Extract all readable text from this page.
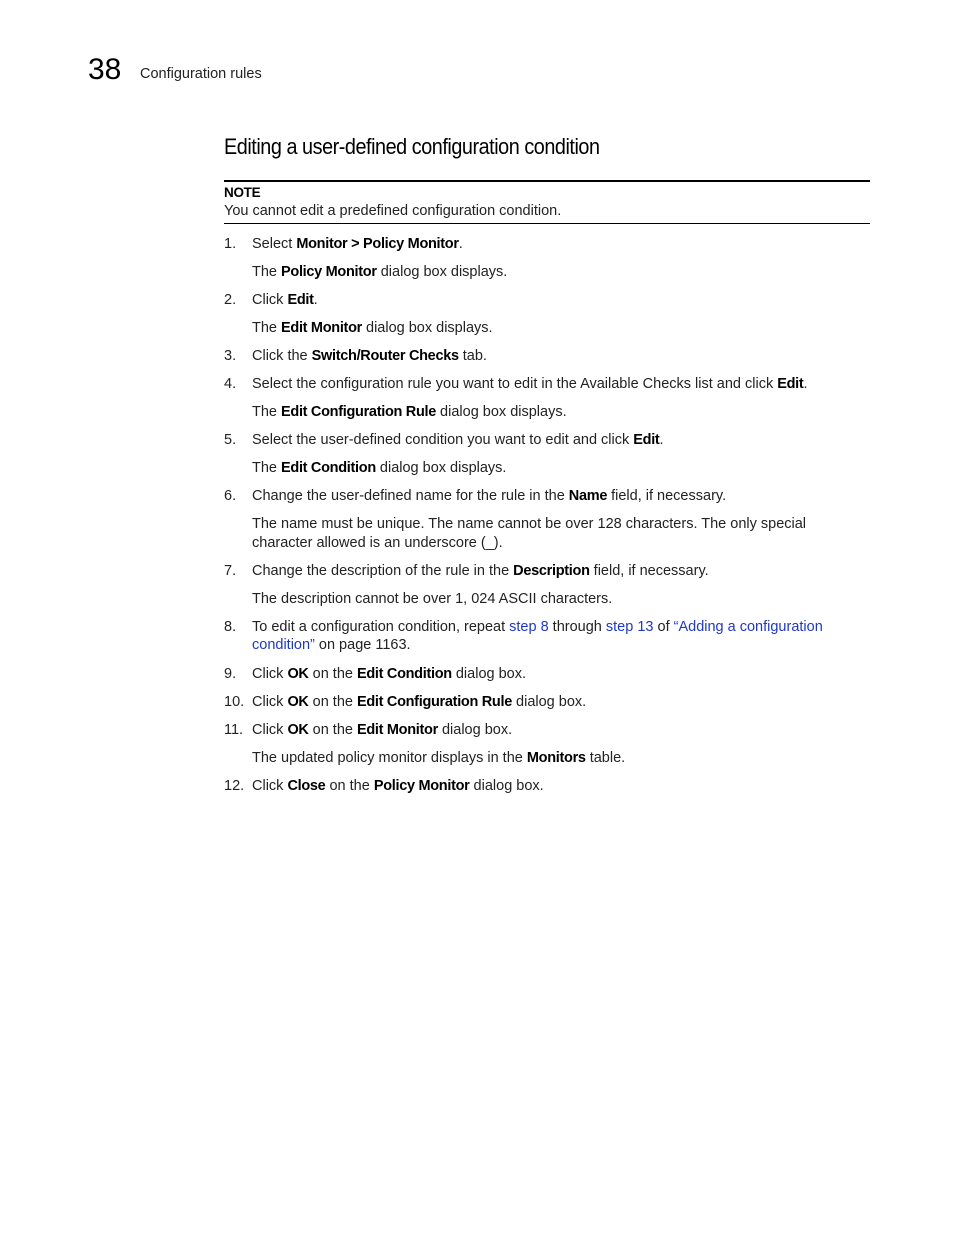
38 Configuration rules
Editing a user-defined configuration condition
NOTE
You cannot edit a predefined configuration condition.
1. Select Monitor > Policy Monitor.
The Policy Monitor dialog box displays.
2. Click Edit.
The Edit Monitor dialog box displays.
3. Click the Switch/Router Checks tab.
4. Select the configuration rule you want to edit in the Available Checks list and click Edit.
The Edit Configuration Rule dialog box displays.
5. Select the user-defined condition you want to edit and click Edit.
The Edit Condition dialog box displays.
6. Change the user-defined name for the rule in the Name field, if necessary.
The name must be unique. The name cannot be over 128 characters. The only special
character allowed is an underscore (_).
7. Change the description of the rule in the Description field, if necessary.
The description cannot be over 1, 024 ASCII characters.
8. To edit a configuration condition, repeat step 8 through step 13 of “Adding a configuration
condition” on page 1163.
9. Click OK on the Edit Condition dialog box.
10. Click OK on the Edit Configuration Rule dialog box.
11. Click OK on the Edit Monitor dialog box.
The updated policy monitor displays in the Monitors table.
12. Click Close on the Policy Monitor dialog box.
